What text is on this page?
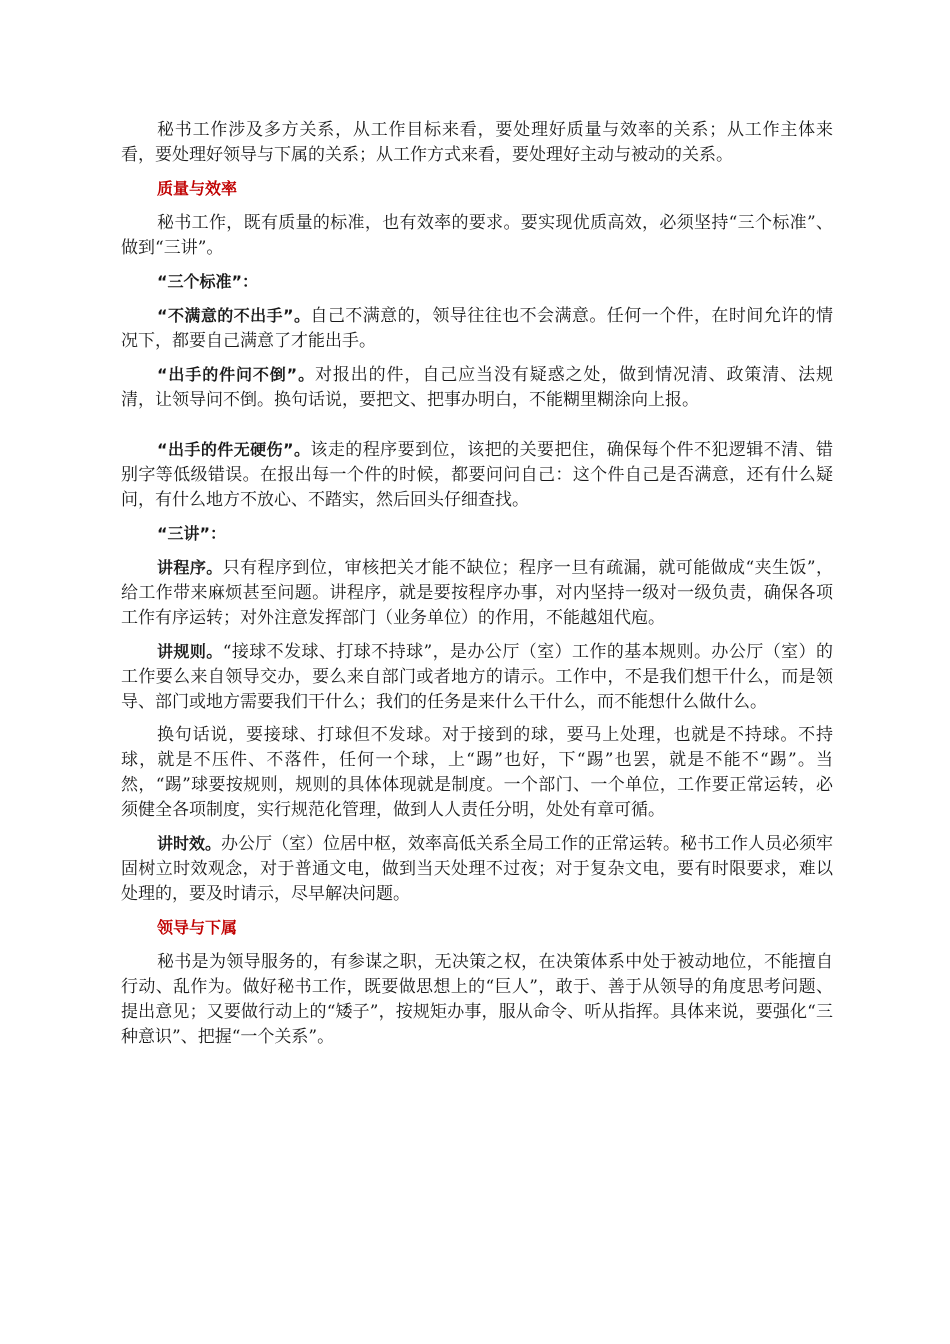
秘书工作涉及多方关系，从工作目标来看，要处理好质量与效率的关系；从工作主体来看，要处理好领导与下属的关系；从工作方式来看，要处理好主动与被动的关系。

质量与效率

秘书工作，既有质量的标准，也有效率的要求。要实现优质高效，必须坚持“三个标准”、做到“三讲”。

“三个标准”：

“不满意的不出手”。自己不满意的，领导往往也不会满意。任何一个件，在时间允许的情况下，都要自己满意了才能出手。

“出手的件问不倒”。对报出的件，自己应当没有疑惑之处，做到情况清、政策清、法规清，让领导问不倒。换句话说，要把文、把事办明白，不能糊里糊涂向上报。

“出手的件无硬伤”。该走的程序要到位，该把的关要把住，确保每个件不犯逻辑不清、错别字等低级错误。在报出每一个件的时候，都要问问自己：这个件自己是否满意，还有什么疑问，有什么地方不放心、不踏实，然后回头仔细查找。

“三讲”：

讲程序。只有程序到位，审核把关才能不缺位；程序一旦有疏漏，就可能做成“夹生饭”，给工作带来麻烦甚至问题。讲程序，就是要按程序办事，对内坚持一级对一级负责，确保各项工作有序运转；对外注意发挥部门（业务单位）的作用，不能越俎代庖。

讲规则。“接球不发球、打球不持球”，是办公厅（室）工作的基本规则。办公厅（室）的工作要么来自领导交办，要么来自部门或者地方的请示。工作中，不是我们想干什么，而是领导、部门或地方需要我们干什么；我们的任务是来什么干什么，而不能想什么做什么。

换句话说，要接球、打球但不发球。对于接到的球，要马上处理，也就是不持球。不持球，就是不压件、不落件，任何一个球，上“踢”也好，下“踢”也罢，就是不能不“踢”。当然，“踢”球要按规则，规则的具体体现就是制度。一个部门、一个单位，工作要正常运转，必须健全各项制度，实行规范化管理，做到人人责任分明，处处有章可循。

讲时效。办公厅（室）位居中枢，效率高低关系全局工作的正常运转。秘书工作人员必须牢固树立时效观念，对于普通文电，做到当天处理不过夜；对于复杂文电，要有时限要求，难以处理的，要及时请示，尽早解决问题。

领导与下属

秘书是为领导服务的，有参谋之职，无决策之权，在决策体系中处于被动地位，不能擅自行动、乱作为。做好秘书工作，既要做思想上的“巨人”，敢于、善于从领导的角度思考问题、提出意见；又要做行动上的“矮子”，按规矩办事，服从命令、听从指挥。具体来说，要强化“三种意识”、把握“一个关系”。
